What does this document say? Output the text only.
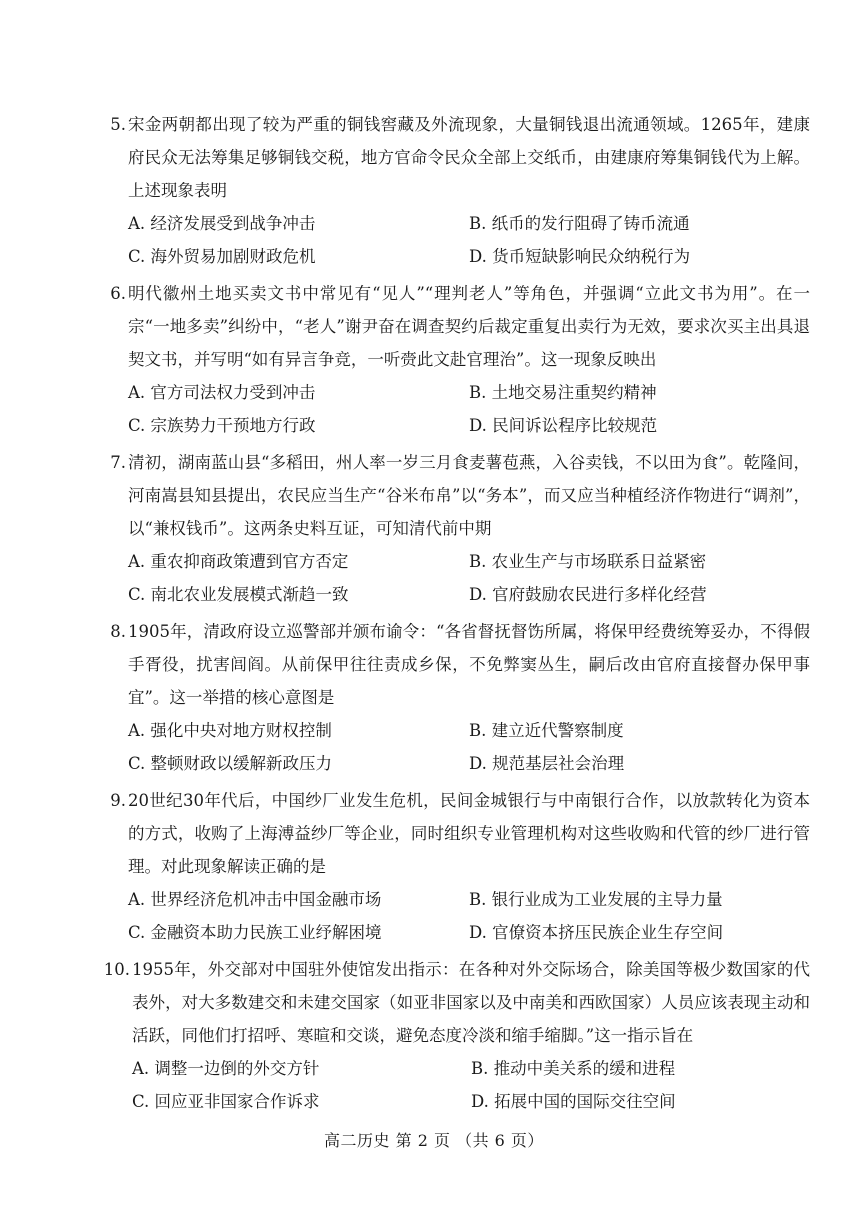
5. 宋金两朝都出现了较为严重的铜钱窖藏及外流现象，大量铜钱退出流通领域。1265年，建康府民众无法筹集足够铜钱交税，地方官命令民众全部上交纸币，由建康府筹集铜钱代为上解。上述现象表明
A. 经济发展受到战争冲击	B. 纸币的发行阻碍了铸币流通
C. 海外贸易加剧财政危机	D. 货币短缺影响民众纳税行为
6. 明代徽州土地买卖文书中常见有“见人”“理判老人”等角色，并强调“立此文书为用”。在一宗“一地多卖”纠纷中，“老人”谢尹奋在调查契约后裁定重复出卖行为无效，要求次买主出具退契文书，并写明“如有异言争竞，一听赍此文赴官理治”。这一现象反映出
A. 官方司法权力受到冲击	B. 土地交易注重契约精神
C. 宗族势力干预地方行政	D. 民间诉讼程序比较规范
7. 清初，湖南蓝山县“多稻田，州人率一岁三月食麦薯苞燕，入谷卖钱，不以田为食”。乾隆间，河南嵩县知县提出，农民应当生产“谷米布帛”以“务本”，而又应当种植经济作物进行“调剂”，以“兼权钱币”。这两条史料互证，可知清代前中期
A. 重农抑商政策遭到官方否定	B. 农业生产与市场联系日益紧密
C. 南北农业发展模式渐趋一致	D. 官府鼓励农民进行多样化经营
8. 1905年，清政府设立巡警部并颁布谕令：“各省督抚督饬所属，将保甲经费统筹妥办，不得假手胥役，扰害闾阎。从前保甲往往责成乡保，不免弊窦丛生，嗣后改由官府直接督办保甲事宜”。这一举措的核心意图是
A. 强化中央对地方财权控制	B. 建立近代警察制度
C. 整顿财政以缓解新政压力	D. 规范基层社会治理
9. 20世纪30年代后，中国纱厂业发生危机，民间金城银行与中南银行合作，以放款转化为资本的方式，收购了上海溥益纱厂等企业，同时组织专业管理机构对这些收购和代管的纱厂进行管理。对此现象解读正确的是
A. 世界经济危机冲击中国金融市场	B. 银行业成为工业发展的主导力量
C. 金融资本助力民族工业纾解困境	D. 官僚资本挤压民族企业生存空间
10. 1955年，外交部对中国驻外使馆发出指示：在各种对外交际场合，除美国等极少数国家的代表外，对大多数建交和未建交国家（如亚非国家以及中南美和西欧国家）人员应该表现主动和活跃，同他们打招呼、寒暄和交谈，避免态度冷淡和缩手缩脚。”这一指示旨在
A. 调整一边倒的外交方针	B. 推动中美关系的缓和进程
C. 回应亚非国家合作诉求	D. 拓展中国的国际交往空间
高二历史 第 2 页 （共 6 页）
